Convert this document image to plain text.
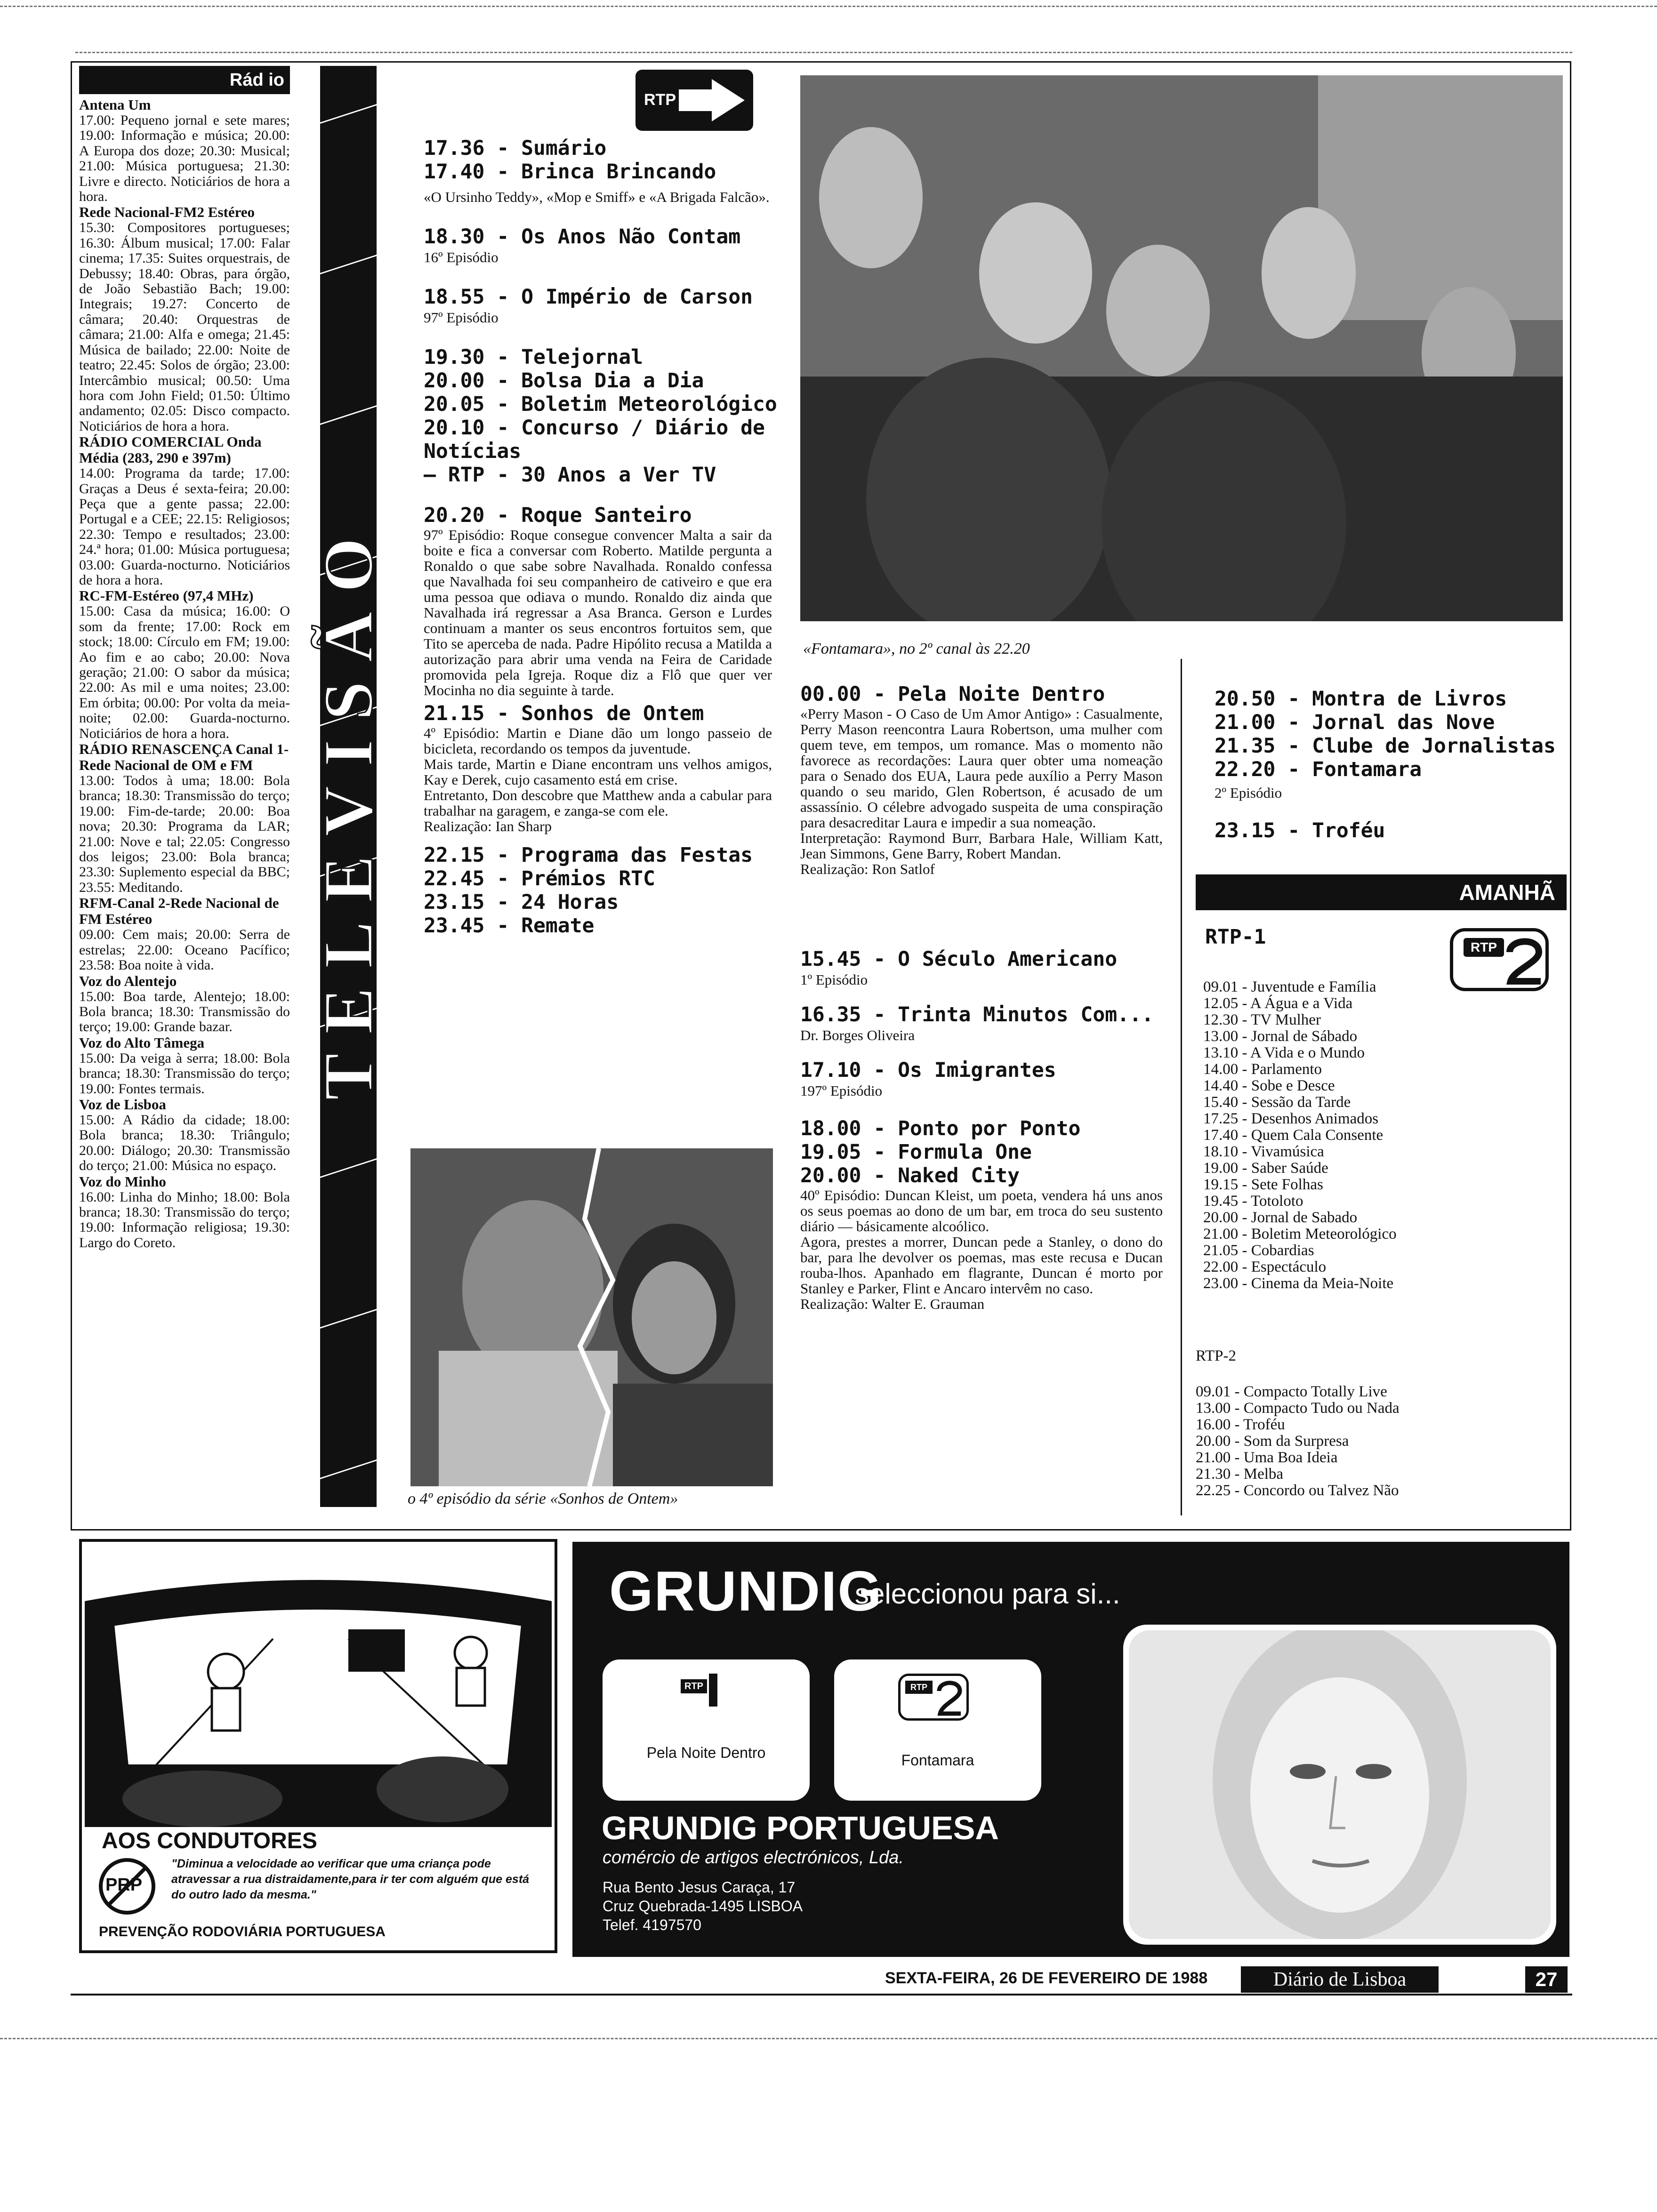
Rád io
Antena Um
17.00: Pequeno jornal e sete mares; 19.00: Informação e música; 20.00: A Europa dos doze; 20.30: Musical; 21.00: Música portuguesa; 21.30: Livre e directo. Noticiários de hora a hora.
Rede Nacional-FM2 Estéreo
15.30: Compositores portugueses; 16.30: Álbum musical; 17.00: Falar cinema; 17.35: Suites orquestrais, de Debussy; 18.40: Obras, para órgão, de João Sebastião Bach; 19.00: Integrais; 19.27: Concerto de câmara; 20.40: Orquestras de câmara; 21.00: Alfa e omega; 21.45: Música de bailado; 22.00: Noite de teatro; 22.45: Solos de órgão; 23.00: Intercâmbio musical; 00.50: Uma hora com John Field; 01.50: Último andamento; 02.05: Disco compacto. Noticiários de hora a hora.
RÁDIO COMERCIAL Onda Média (283, 290 e 397m)
14.00: Programa da tarde; 17.00: Graças a Deus é sexta-feira; 20.00: Peça que a gente passa; 22.00: Portugal e a CEE; 22.15: Religiosos; 22.30: Tempo e resultados; 23.00: 24.ª hora; 01.00: Música portuguesa; 03.00: Guarda-nocturno. Noticiários de hora a hora.
RC-FM-Estéreo (97,4 MHz)
15.00: Casa da música; 16.00: O som da frente; 17.00: Rock em stock; 18.00: Círculo em FM; 19.00: Ao fim e ao cabo; 20.00: Nova geração; 21.00: O sabor da música; 22.00: As mil e uma noites; 23.00: Em órbita; 00.00: Por volta da meia-noite; 02.00: Guarda-nocturno. Noticiários de hora a hora.
RÁDIO RENASCENÇA Canal 1-Rede Nacional de OM e FM
13.00: Todos à uma; 18.00: Bola branca; 18.30: Transmissão do terço; 19.00: Fim-de-tarde; 20.00: Boa nova; 20.30: Programa da LAR; 21.00: Nove e tal; 22.05: Congresso dos leigos; 23.00: Bola branca; 23.30: Suplemento especial da BBC; 23.55: Meditando.
RFM-Canal 2-Rede Nacional de FM Estéreo
09.00: Cem mais; 20.00: Serra de estrelas; 22.00: Oceano Pacífico; 23.58: Boa noite à vida.
Voz do Alentejo
15.00: Boa tarde, Alentejo; 18.00: Bola branca; 18.30: Transmissão do terço; 19.00: Grande bazar.
Voz do Alto Tâmega
15.00: Da veiga à serra; 18.00: Bola branca; 18.30: Transmissão do terço; 19.00: Fontes termais.
Voz de Lisboa
15.00: A Rádio da cidade; 18.00: Bola branca; 18.30: Triângulo; 20.00: Diálogo; 20.30: Transmissão do terço; 21.00: Música no espaço.
Voz do Minho
16.00: Linha do Minho; 18.00: Bola branca; 18.30: Transmissão do terço; 19.00: Informação religiosa; 19.30: Largo do Coreto.
TELEVISÃO
RTP
17.36 - Sumário
17.40 - Brinca Brincando
«O Ursinho Teddy», «Mop e Smiff» e «A Brigada Falcão».
18.30 - Os Anos Não Contam
16º Episódio
18.55 - O Império de Carson
97º Episódio
19.30 - Telejornal
20.00 - Bolsa Dia a Dia
20.05 - Boletim Meteorológico
20.10 - Concurso / Diário de Notícias
— RTP - 30 Anos a Ver TV
20.20 - Roque Santeiro
97º Episódio: Roque consegue convencer Malta a sair da boite e fica a conversar com Roberto. Matilde pergunta a Ronaldo o que sabe sobre Navalhada. Ronaldo confessa que Navalhada foi seu companheiro de cativeiro e que era uma pessoa que odiava o mundo. Ronaldo diz ainda que Navalhada irá regressar a Asa Branca. Gerson e Lurdes continuam a manter os seus encontros fortuitos sem, que Tito se aperceba de nada. Padre Hipólito recusa a Matilda a autorização para abrir uma venda na Feira de Caridade promovida pela Igreja. Roque diz a Flô que quer ver Mocinha no dia seguinte à tarde.
21.15 - Sonhos de Ontem
4º Episódio: Martin e Diane dão um longo passeio de bicicleta, recordando os tempos da juventude.
Mais tarde, Martin e Diane encontram uns velhos amigos, Kay e Derek, cujo casamento está em crise.
Entretanto, Don descobre que Matthew anda a cabular para trabalhar na garagem, e zanga-se com ele.
Realização: Ian Sharp
22.15 - Programa das Festas
22.45 - Prémios RTC
23.15 - 24 Horas
23.45 - Remate
o 4º episódio da série «Sonhos de Ontem»
«Fontamara», no 2º canal às 22.20
00.00 - Pela Noite Dentro
«Perry Mason - O Caso de Um Amor Antigo» : Casualmente, Perry Mason reencontra Laura Robertson, uma mulher com quem teve, em tempos, um romance. Mas o momento não favorece as recordações: Laura quer obter uma nomeação para o Senado dos EUA, Laura pede auxílio a Perry Mason quando o seu marido, Glen Robertson, é acusado de um assassínio. O célebre advogado suspeita de uma conspiração para desacreditar Laura e impedir a sua nomeação.
Interpretação: Raymond Burr, Barbara Hale, William Katt, Jean Simmons, Gene Barry, Robert Mandan.
Realização: Ron Satlof
15.45 - O Século Americano
1º Episódio
16.35 - Trinta Minutos Com...
Dr. Borges Oliveira
17.10 - Os Imigrantes
197º Episódio
18.00 - Ponto por Ponto
19.05 - Formula One
20.00 - Naked City
40º Episódio: Duncan Kleist, um poeta, vendera há uns anos os seus poemas ao dono de um bar, em troca do seu sustento diário — básicamente alcoólico.
Agora, prestes a morrer, Duncan pede a Stanley, o dono do bar, para lhe devolver os poemas, mas este recusa e Ducan rouba-lhos. Apanhado em flagrante, Duncan é morto por Stanley e Parker, Flint e Ancaro intervêm no caso.
Realização: Walter E. Grauman
20.50 - Montra de Livros
21.00 - Jornal das Nove
21.35 - Clube de Jornalistas
22.20 - Fontamara
2º Episódio
23.15 - Troféu
AMANHÃ
RTP-1	RTP
09.01 - Juventude e Família
12.05 - A Água e a Vida
12.30 - TV Mulher
13.00 - Jornal de Sábado
13.10 - A Vida e o Mundo
14.00 - Parlamento
14.40 - Sobe e Desce
15.40 - Sessão da Tarde
17.25 - Desenhos Animados
17.40 - Quem Cala Consente
18.10 - Vivamúsica
19.00 - Saber Saúde
19.15 - Sete Folhas
19.45 - Totoloto
20.00 - Jornal de Sabado
21.00 - Boletim Meteorológico
21.05 - Cobardias
22.00 - Espectáculo
23.00 - Cinema da Meia-Noite
RTP-2
09.01 - Compacto Totally Live
13.00 - Compacto Tudo ou Nada
16.00 - Troféu
20.00 - Som da Surpresa
21.00 - Uma Boa Ideia
21.30 - Melba
22.25 - Concordo ou Talvez Não
AOS CONDUTORES
PRP
"Diminua a velocidade ao verificar que uma criança pode atravessar a rua distraidamente,para ir ter com alguém que está do outro lado da mesma."
PREVENÇÃO RODOVIÁRIA PORTUGUESA
GRUNDIG
seleccionou para si...
RTP
Pela Noite Dentro
RTP
Fontamara
GRUNDIG PORTUGUESA
comércio de artigos electrónicos, Lda.
Rua Bento Jesus Caraça, 17
Cruz Quebrada-1495 LISBOA
Telef. 4197570
SEXTA-FEIRA, 26 DE FEVEREIRO DE 1988	Diário de Lisboa	27
